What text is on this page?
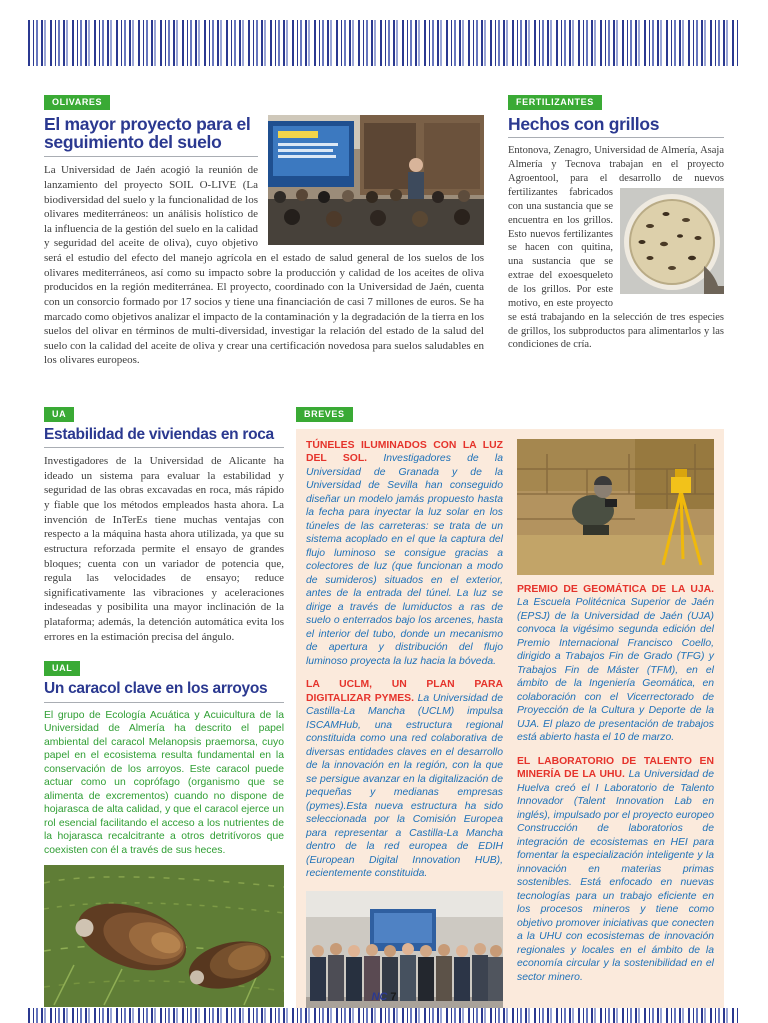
OLIVARES
El mayor proyecto para el seguimiento del suelo

La Universidad de Jaén acogió la reunión de lanzamiento del proyecto SOIL O-LIVE (La biodiversidad del suelo y la funcionalidad de los olivares mediterráneos: un análisis holístico de la influencia de la gestión del suelo en la calidad y seguridad del aceite de oliva), cuyo objetivo será el estudio del efecto del manejo agrícola en el estado de salud general de los suelos de los olivares mediterráneos, así como su impacto sobre la producción y calidad de los aceites de oliva producidos en la región mediterránea. El proyecto, coordinado con la Universidad de Jaén, cuenta con un consorcio formado por 17 socios y tiene una financiación de casi 7 millones de euros. Se ha marcado como objetivos analizar el impacto de la contaminación y la degradación de la tierra en los suelos del olivar en términos de multi-diversidad, investigar la relación del estado de la salud del suelo con la calidad del aceite de oliva y crear una certificación novedosa para suelos saludables en los olivares europeos.

FERTILIZANTES
Hechos con grillos

Entonova, Zenagro, Universidad de Almería, Asaja Almería y Tecnova trabajan en el proyecto Agroentool, para el desarrollo de nuevos
fertilizantes fabricados con una sustancia que se encuentra en los grillos. Esto nuevos fertilizantes se hacen con quitina, una sustancia que se extrae del exoesqueleto de los grillos. Por este motivo, en este proyecto se está trabajando en la selección de tres especies de grillos, los subproductos para alimentarlos y las condiciones de cría.

UA
Estabilidad de viviendas en roca

Investigadores de la Universidad de Alicante ha ideado un sistema para evaluar la estabilidad y seguridad de las obras excavadas en roca, más rápido y fiable que los métodos empleados hasta ahora. La invención de InTerEs tiene muchas ventajas con respecto a la máquina hasta ahora utilizada, ya que su estructura reforzada permite el ensayo de grandes bloques; cuenta con un variador de potencia que, regula las velocidades de ensayo; reduce significativamente las vibraciones y aceleraciones indeseadas y posibilita una mayor inclinación de la plataforma; además, la detención automática evita los errores en la estimación precisa del ángulo.

UAL
Un caracol clave en los arroyos

El grupo de Ecología Acuática y Acuicultura de la Universidad de Almería ha descrito el papel ambiental del caracol Melanopsis praemorsa, cuyo papel en el ecosistema resulta fundamental en la conservación de los arroyos. Este caracol puede actuar como un coprófago (organismo que se alimenta de excrementos) cuando no dispone de hojarasca de alta calidad, y que el caracol ejerce un rol esencial facilitando el acceso a los nutrientes de la hojarasca recalcitrante a otros detritívoros que coexisten con él a través de sus heces.

BREVES

TÚNELES ILUMINADOS CON LA LUZ DEL SOL. Investigadores de la Universidad de Granada y de la Universidad de Sevilla han conseguido diseñar un modelo jamás propuesto hasta la fecha para inyectar la luz solar en los túneles de las carreteras: se trata de un sistema acoplado en el que la captura del flujo luminoso se consigue gracias a colectores de luz (que funcionan a modo de sumideros) situados en el exterior, antes de la entrada del túnel. La luz se dirige a través de lumiductos a ras de suelo o enterrados bajo los arcenes, hasta el interior del tubo, donde un mecanismo de apertura y distribución del flujo luminoso proyecta la luz hacia la bóveda.

LA UCLM, UN PLAN PARA DIGITALIZAR PYMES. La Universidad de Castilla-La Mancha (UCLM) impulsa ISCAMHub, una estructura regional constituida como una red colaborativa de diversas entidades claves en el desarrollo de la innovación en la región, con la que se persigue avanzar en la digitalización de pequeñas y medianas empresas (pymes).Esta nueva estructura ha sido seleccionada por la Comisión Europea para representar a Castilla-La Mancha dentro de la red europea de EDIH (European Digital Innovation HUB), recientemente constituida.

PREMIO DE GEOMÁTICA DE LA UJA. La Escuela Politécnica Superior de Jaén (EPSJ) de la Universidad de Jaén (UJA) convoca la vigésimo segunda edición del Premio Internacional Francisco Coello, dirigido a Trabajos Fin de Grado (TFG) y Trabajos Fin de Máster (TFM), en el ámbito de la Ingeniería Geomática, en colaboración con el Vicerrectorado de Proyección de la Cultura y Deporte de la UJA. El plazo de presentación de trabajos está abierto hasta el 10 de marzo.

EL LABORATORIO DE TALENTO EN MINERÍA DE LA UHU. La Universidad de Huelva creó el I Laboratorio de Talento Innovador (Talent Innovation Lab en inglés), impulsado por el proyecto europeo Construcción de laboratorios de integración de ecosistemas en HEI para fomentar la especialización inteligente y la innovación en materias primas sostenibles. Está enfocado en nuevas tecnologías para un trabajo eficiente en los procesos mineros y tiene como objetivo promover iniciativas que conecten a la UHU con ecosistemas de innovación regionales y locales en el ámbito de la economía circular y la sostenibilidad en el sector minero.

NC 7
